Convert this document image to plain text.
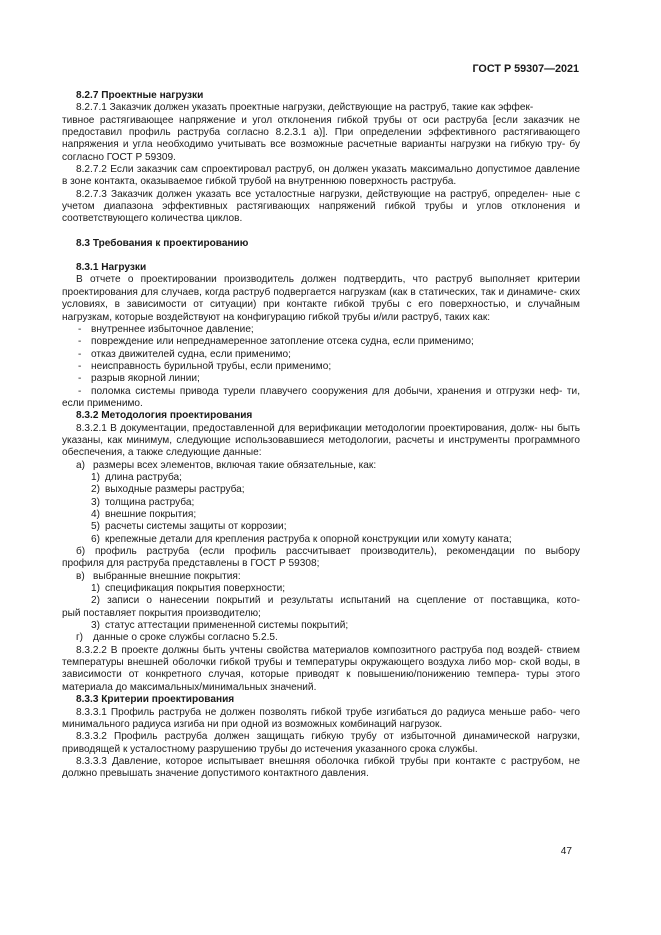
ГОСТ Р 59307—2021

8.2.7 Проектные нагрузки

8.2.7.1 Заказчик должен указать проектные нагрузки, действующие на раструб, такие как эффек-

тивное растягивающее напряжение и угол отклонения гибкой трубы от оси раструба [если заказчик не предоставил профиль раструба согласно 8.2.3.1 а)]. При определении эффективного растягивающего напряжения и угла необходимо учитывать все возможные расчетные варианты нагрузки на гибкую тру- бу согласно ГОСТ Р 59309.

8.2.7.2 Если заказчик сам спроектировал раструб, он должен указать максимально допустимое давление в зоне контакта, оказываемое гибкой трубой на внутреннюю поверхность раструба.

8.2.7.3 Заказчик должен указать все усталостные нагрузки, действующие на раструб, определен- ные с учетом диапазона эффективных растягивающих напряжений гибкой трубы и углов отклонения и соответствующего количества циклов.

8.3 Требования к проектированию

8.3.1 Нагрузки

В отчете о проектировании производитель должен подтвердить, что раструб выполняет критерии проектирования для случаев, когда раструб подвергается нагрузкам (как в статических, так и динамиче- ских условиях, в зависимости от ситуации) при контакте гибкой трубы с его поверхностью, и случайным нагрузкам, которые воздействуют на конфигурацию гибкой трубы и/или раструб, таких как:

- внутреннее избыточное давление;

- повреждение или непреднамеренное затопление отсека судна, если применимо;

- отказ движителей судна, если применимо;

- неисправность бурильной трубы, если применимо;

- разрыв якорной линии;

- поломка системы привода турели плавучего сооружения для добычи, хранения и отгрузки неф- ти, если применимо.

8.3.2 Методология проектирования

8.3.2.1 В документации, предоставленной для верификации методологии проектирования, долж- ны быть указаны, как минимум, следующие использовавшиеся методологии, расчеты и инструменты программного обеспечения, а также следующие данные:

а) размеры всех элементов, включая такие обязательные, как:

1) длина раструба;

2) выходные размеры раструба;

3) толщина раструба;

4) внешние покрытия;

5) расчеты системы защиты от коррозии;

6) крепежные детали для крепления раструба к опорной конструкции или хомуту каната;

б) профиль раструба (если профиль рассчитывает производитель), рекомендации по выбору

профиля для раструба представлены в ГОСТ Р 59308;

в) выбранные внешние покрытия:

1) спецификация покрытия поверхности;

2) записи о нанесении покрытий и результаты испытаний на сцепление от поставщика, кото-

рый поставляет покрытия производителю;

3) статус аттестации примененной системы покрытий;

г) данные о сроке службы согласно 5.2.5.

8.3.2.2 В проекте должны быть учтены свойства материалов композитного раструба под воздей- ствием температуры внешней оболочки гибкой трубы и температуры окружающего воздуха либо мор- ской воды, в зависимости от конкретного случая, которые приводят к повышению/понижению темпера- туры этого материала до максимальных/минимальных значений.

8.3.3 Критерии проектирования

8.3.3.1 Профиль раструба не должен позволять гибкой трубе изгибаться до радиуса меньше рабо- чего минимального радиуса изгиба ни при одной из возможных комбинаций нагрузок.

8.3.3.2 Профиль раструба должен защищать гибкую трубу от избыточной динамической нагрузки, приводящей к усталостному разрушению трубы до истечения указанного срока службы.

8.3.3.3 Давление, которое испытывает внешняя оболочка гибкой трубы при контакте с раструбом, не должно превышать значение допустимого контактного давления.

47
